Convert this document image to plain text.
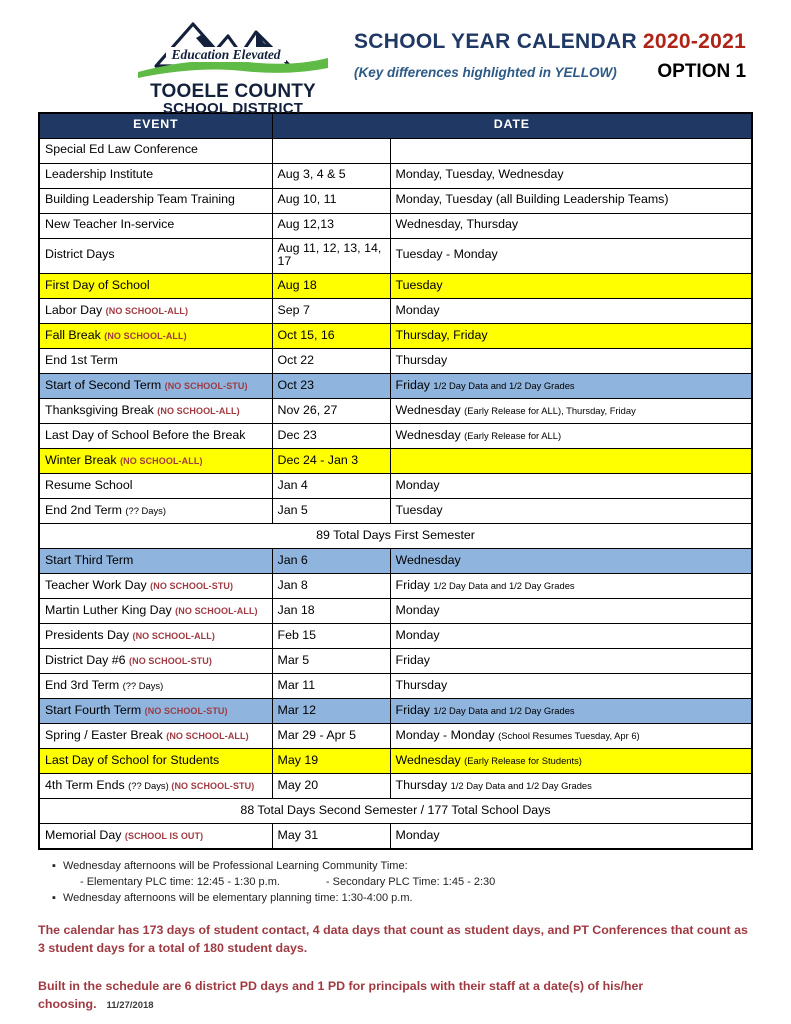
Education Elevated
TOOELE COUNTY
SCHOOL DISTRICT
SCHOOL YEAR CALENDAR 2020-2021
(Key differences highlighted in YELLOW) OPTION 1
EVENT	DATE	
Special Ed Law Conference		
Leadership Institute	Aug 3, 4 & 5	Monday, Tuesday, Wednesday
Building Leadership Team Training	Aug 10, 11	Monday, Tuesday (all Building Leadership Teams)
New Teacher In-service	Aug 12,13	Wednesday, Thursday
District Days	Aug 11, 12, 13, 14, 17	Tuesday - Monday
First Day of School	Aug 18	Tuesday
Labor Day (NO SCHOOL-ALL)	Sep 7	Monday
Fall Break (NO SCHOOL-ALL)	Oct 15, 16	Thursday, Friday
End 1st Term	Oct 22	Thursday
Start of Second Term (NO SCHOOL-STU)	Oct 23	Friday 1/2 Day Data and 1/2 Day Grades
Thanksgiving Break (NO SCHOOL-ALL)	Nov 26, 27	Wednesday (Early Release for ALL), Thursday, Friday
Last Day of School Before the Break	Dec 23	Wednesday (Early Release for ALL)
Winter Break (NO SCHOOL-ALL)	Dec 24 - Jan 3	
Resume School	Jan 4	Monday
End 2nd Term (?? Days)	Jan 5	Tuesday
89 Total Days First Semester		
Start Third Term	Jan 6	Wednesday
Teacher Work Day (NO SCHOOL-STU)	Jan 8	Friday 1/2 Day Data and 1/2 Day Grades
Martin Luther King Day (NO SCHOOL-ALL)	Jan 18	Monday
Presidents Day (NO SCHOOL-ALL)	Feb 15	Monday
District Day #6 (NO SCHOOL-STU)	Mar 5	Friday
End 3rd Term (?? Days)	Mar 11	Thursday
Start Fourth Term (NO SCHOOL-STU)	Mar 12	Friday 1/2 Day Data and 1/2 Day Grades
Spring / Easter Break (NO SCHOOL-ALL)	Mar 29 - Apr 5	Monday - Monday (School Resumes Tuesday, Apr 6)
Last Day of School for Students	May 19	Wednesday (Early Release for Students)
4th Term Ends (?? Days) (NO SCHOOL-STU)	May 20	Thursday 1/2 Day Data and 1/2 Day Grades
88 Total Days Second Semester / 177 Total School Days		
Memorial Day (SCHOOL IS OUT)	May 31	Monday
▪ Wednesday afternoons will be Professional Learning Community Time:
- Elementary PLC time: 12:45 - 1:30 p.m.	- Secondary PLC Time: 1:45 - 2:30
▪ Wednesday afternoons will be elementary planning time: 1:30-4:00 p.m.
The calendar has 173 days of student contact, 4 data days that count as student days, and PT Conferences that count as 3 student days for a total of 180 student days.
Built in the schedule are 6 district PD days and 1 PD for principals with their staff at a date(s) of his/her choosing. 11/27/2018
